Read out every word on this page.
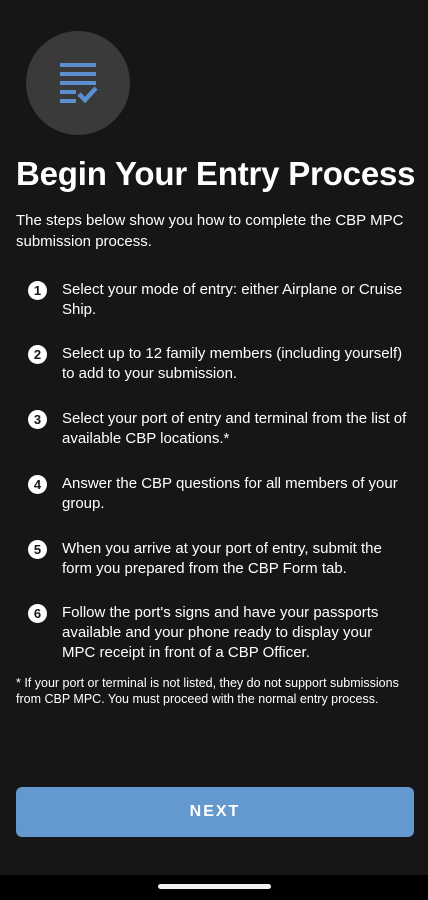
Begin Your Entry Process

The steps below show you how to complete the CBP MPC submission process.

1	Select your mode of entry: either Airplane or Cruise Ship.
2	Select up to 12 family members (including yourself) to add to your submission.
3	Select your port of entry and terminal from the list of available CBP locations.*
4	Answer the CBP questions for all members of your group.
5	When you arrive at your port of entry, submit the form you prepared from the CBP Form tab.
6	Follow the port's signs and have your passports available and your phone ready to display your MPC receipt in front of a CBP Officer.

* If your port or terminal is not listed, they do not support submissions from CBP MPC. You must proceed with the normal entry process.

NEXT
